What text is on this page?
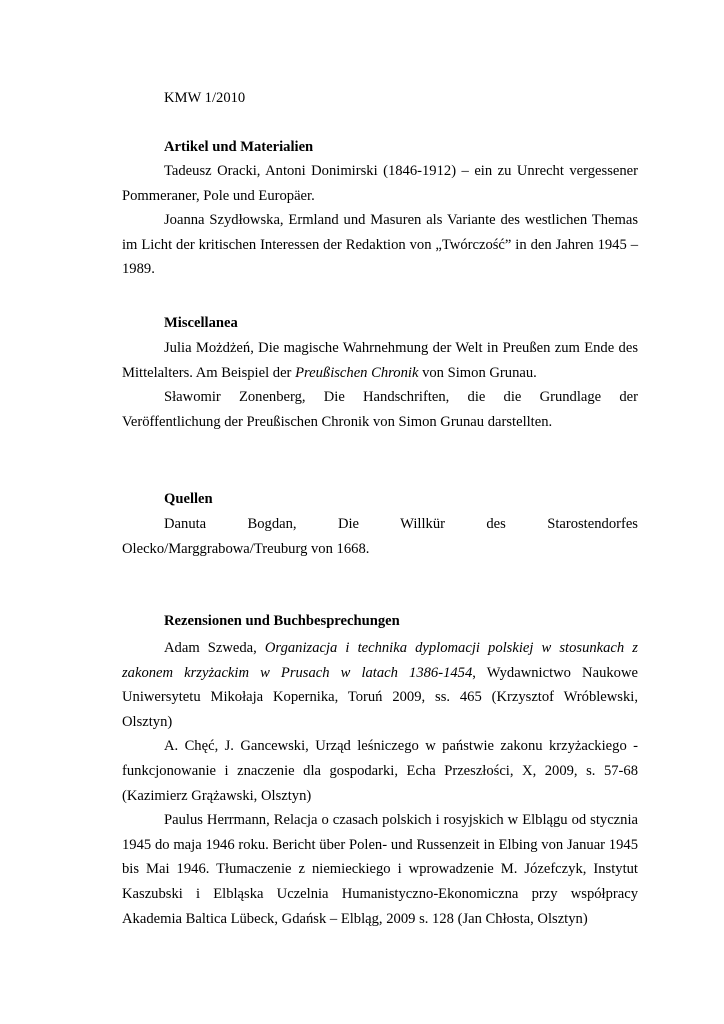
KMW 1/2010
Artikel und Materialien

Tadeusz Oracki, Antoni Donimirski (1846-1912) – ein zu Unrecht vergessener Pommeraner, Pole und Europäer.

Joanna Szydłowska, Ermland und Masuren als Variante des westlichen Themas im Licht der kritischen Interessen der Redaktion von „Twórczość” in den Jahren 1945 – 1989.

Miscellanea

Julia Możdżeń, Die magische Wahrnehmung der Welt in Preußen zum Ende des Mittelalters. Am Beispiel der Preußischen Chronik von Simon Grunau.

Sławomir Zonenberg, Die Handschriften, die die Grundlage der Veröffentlichung der Preußischen Chronik von Simon Grunau darstellten.

Quellen

Danuta Bogdan, Die Willkür des Starostendorfes Olecko/Marggrabowa/Treuburg von 1668.

Rezensionen und Buchbesprechungen

Adam Szweda, Organizacja i technika dyplomacji polskiej w stosunkach z zakonem krzyżackim w Prusach w latach 1386-1454, Wydawnictwo Naukowe Uniwersytetu Mikołaja Kopernika, Toruń 2009, ss. 465 (Krzysztof Wróblewski, Olsztyn)

A. Chęć, J. Gancewski, Urząd leśniczego w państwie zakonu krzyżackiego - funkcjonowanie i znaczenie dla gospodarki, Echa Przeszłości, X, 2009, s. 57-68 (Kazimierz Grążawski, Olsztyn)

Paulus Herrmann, Relacja o czasach polskich i rosyjskich w Elblągu od stycznia 1945 do maja 1946 roku. Bericht über Polen- und Russenzeit in Elbing von Januar 1945 bis Mai 1946. Tłumaczenie z niemieckiego i wprowadzenie M. Józefczyk, Instytut Kaszubski i Elbląska Uczelnia Humanistyczno-Ekonomiczna przy współpracy Akademia Baltica Lübeck, Gdańsk – Elbląg, 2009 s. 128 (Jan Chłosta, Olsztyn)
